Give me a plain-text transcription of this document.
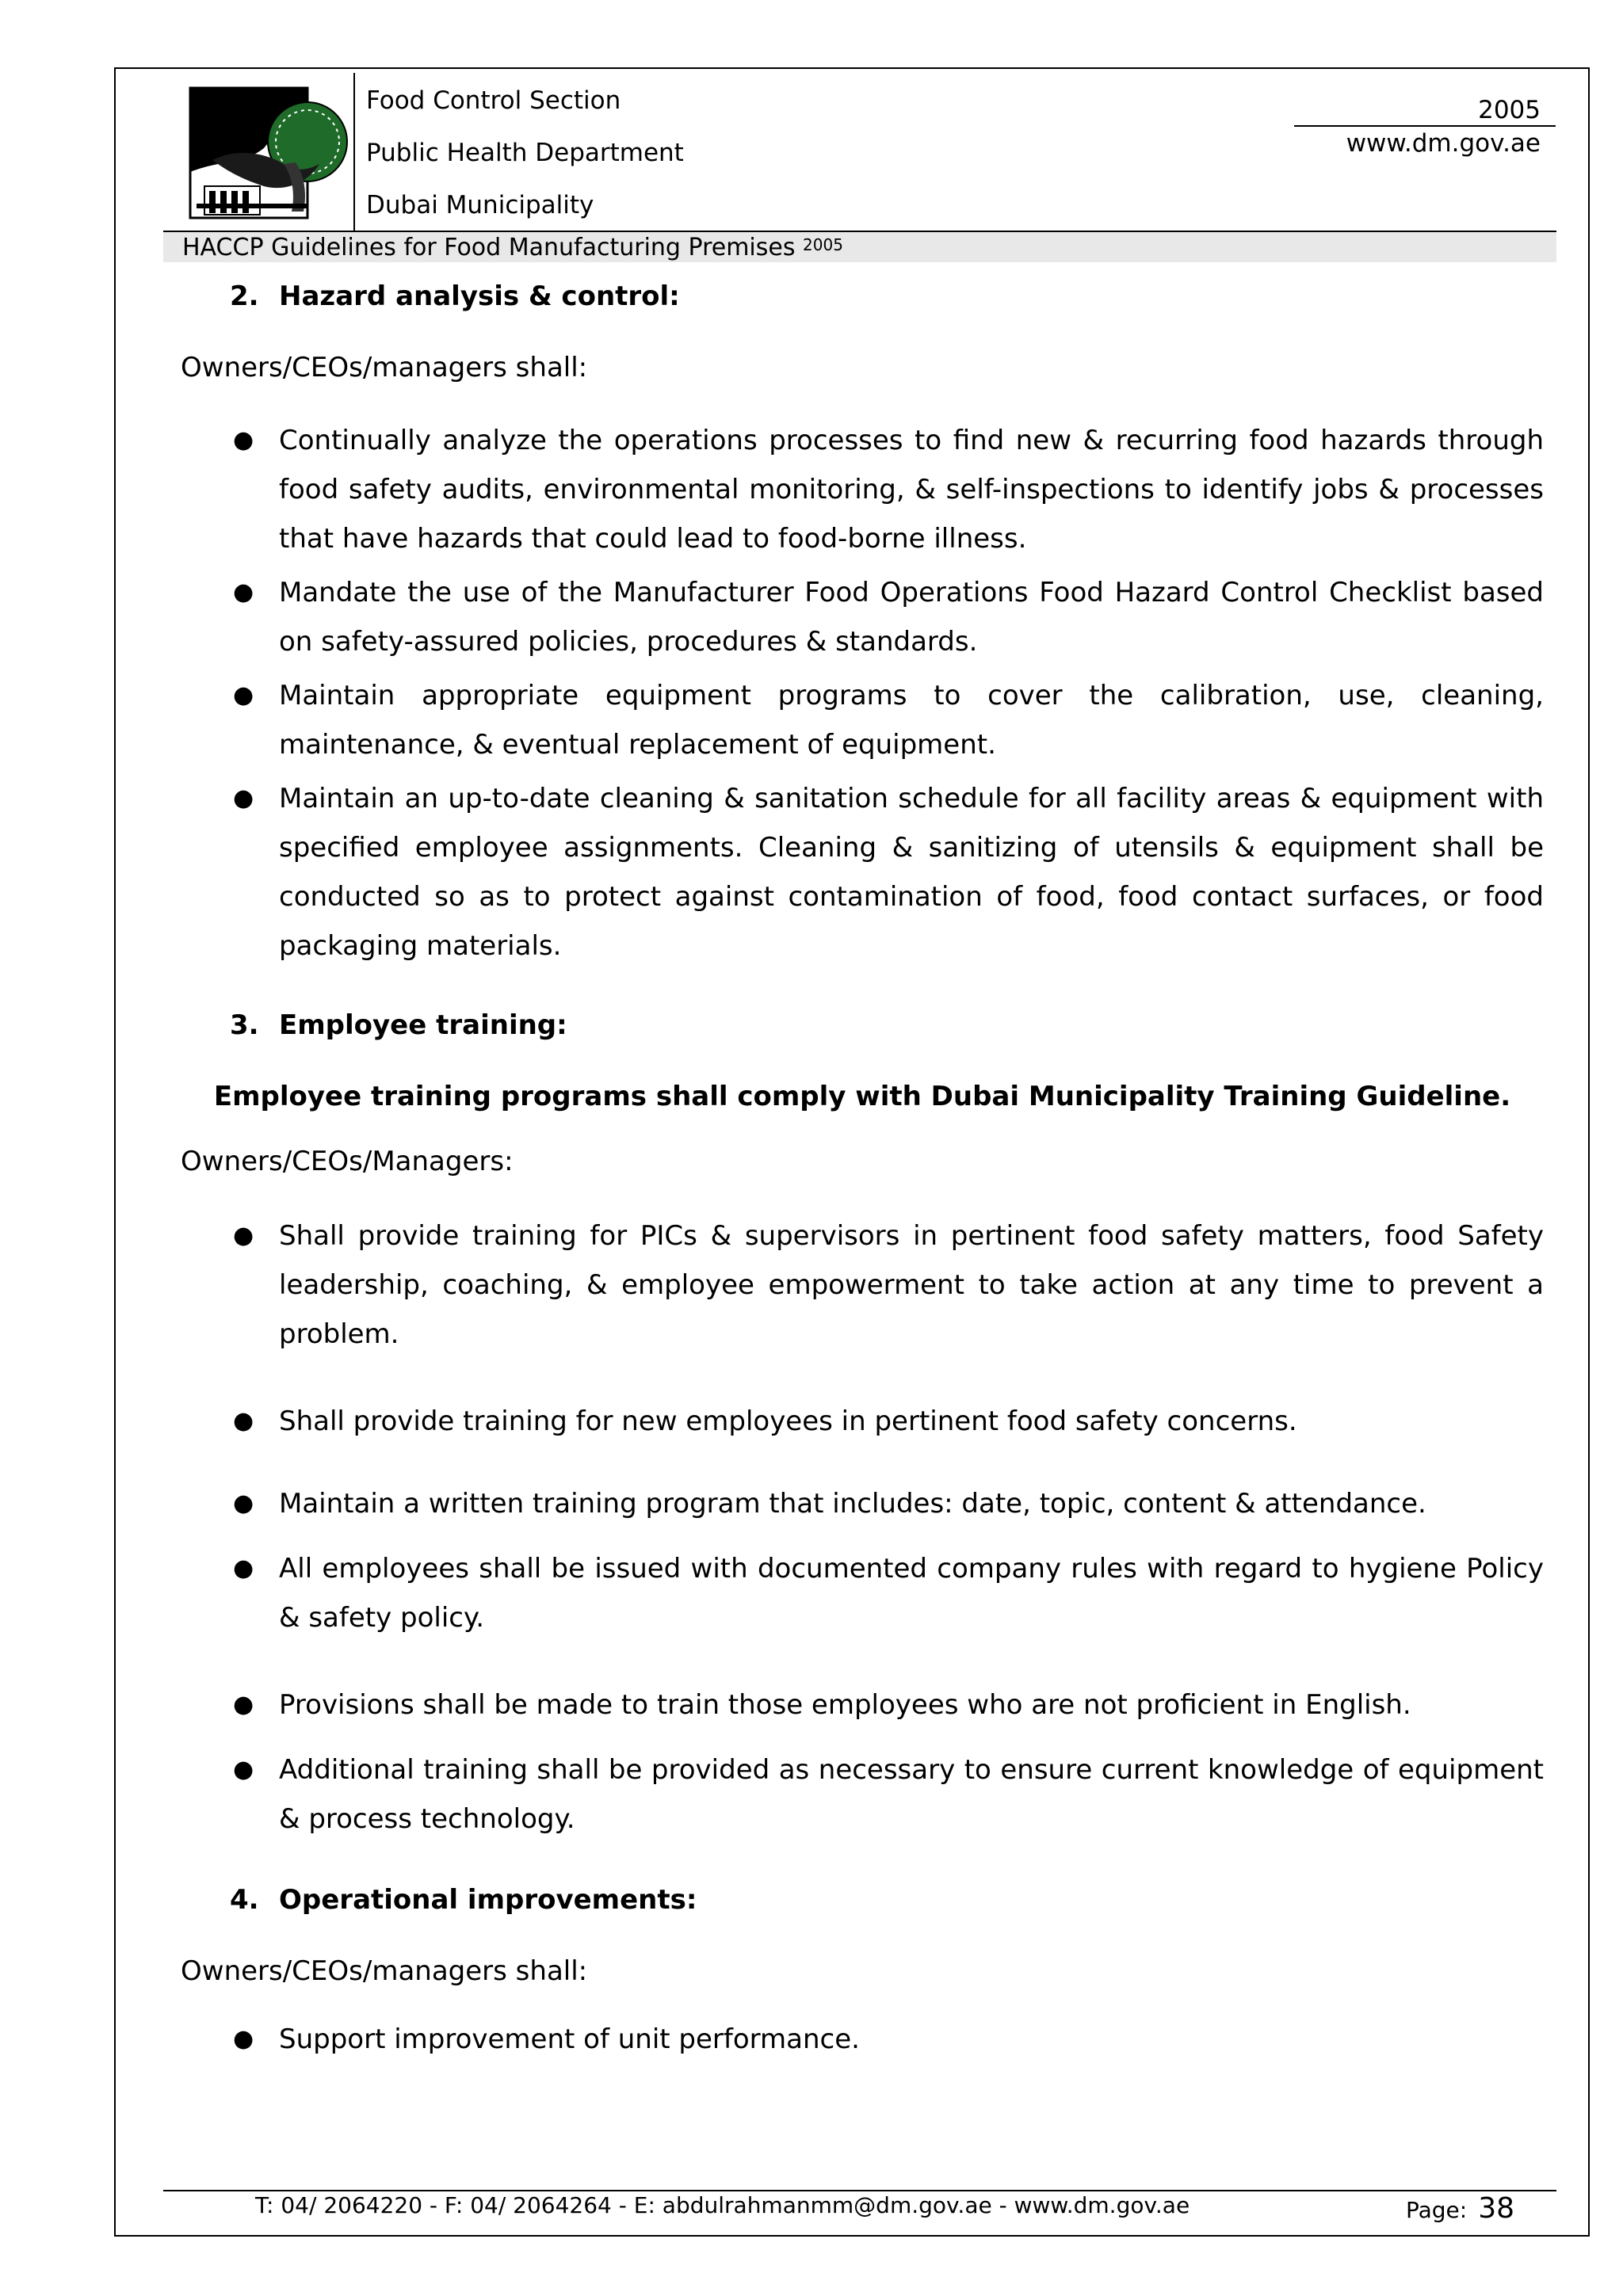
Food Control Section
Public Health Department
Dubai Municipality
2005
www.dm.gov.ae
HACCP Guidelines for Food Manufacturing Premises $^{2005}$
2. Hazard analysis & control:
Owners/CEOs/managers shall:
● Continually analyze the operations processes to find new & recurring food hazards through food safety audits, environmental monitoring, & self-inspections to identify jobs & processes that have hazards that could lead to food-borne illness.
● Mandate the use of the Manufacturer Food Operations Food Hazard Control Checklist based on safety-assured policies, procedures & standards.
● Maintain appropriate equipment programs to cover the calibration, use, cleaning, maintenance, & eventual replacement of equipment.
● Maintain an up-to-date cleaning & sanitation schedule for all facility areas & equipment with specified employee assignments. Cleaning & sanitizing of utensils & equipment shall be conducted so as to protect against contamination of food, food contact surfaces, or food packaging materials.
3. Employee training:
Employee training programs shall comply with Dubai Municipality Training Guideline.
Owners/CEOs/Managers:
● Shall provide training for PICs & supervisors in pertinent food safety matters, food Safety leadership, coaching, & employee empowerment to take action at any time to prevent a problem.
● Shall provide training for new employees in pertinent food safety concerns.
● Maintain a written training program that includes: date, topic, content & attendance.
● All employees shall be issued with documented company rules with regard to hygiene Policy & safety policy.
● Provisions shall be made to train those employees who are not proficient in English.
● Additional training shall be provided as necessary to ensure current knowledge of equipment & process technology.
4. Operational improvements:
Owners/CEOs/managers shall:
● Support improvement of unit performance.
T: 04/ 2064220 - F: 04/ 2064264 - E: abdulrahmanmm@dm.gov.ae - www.dm.gov.ae	Page: 38
